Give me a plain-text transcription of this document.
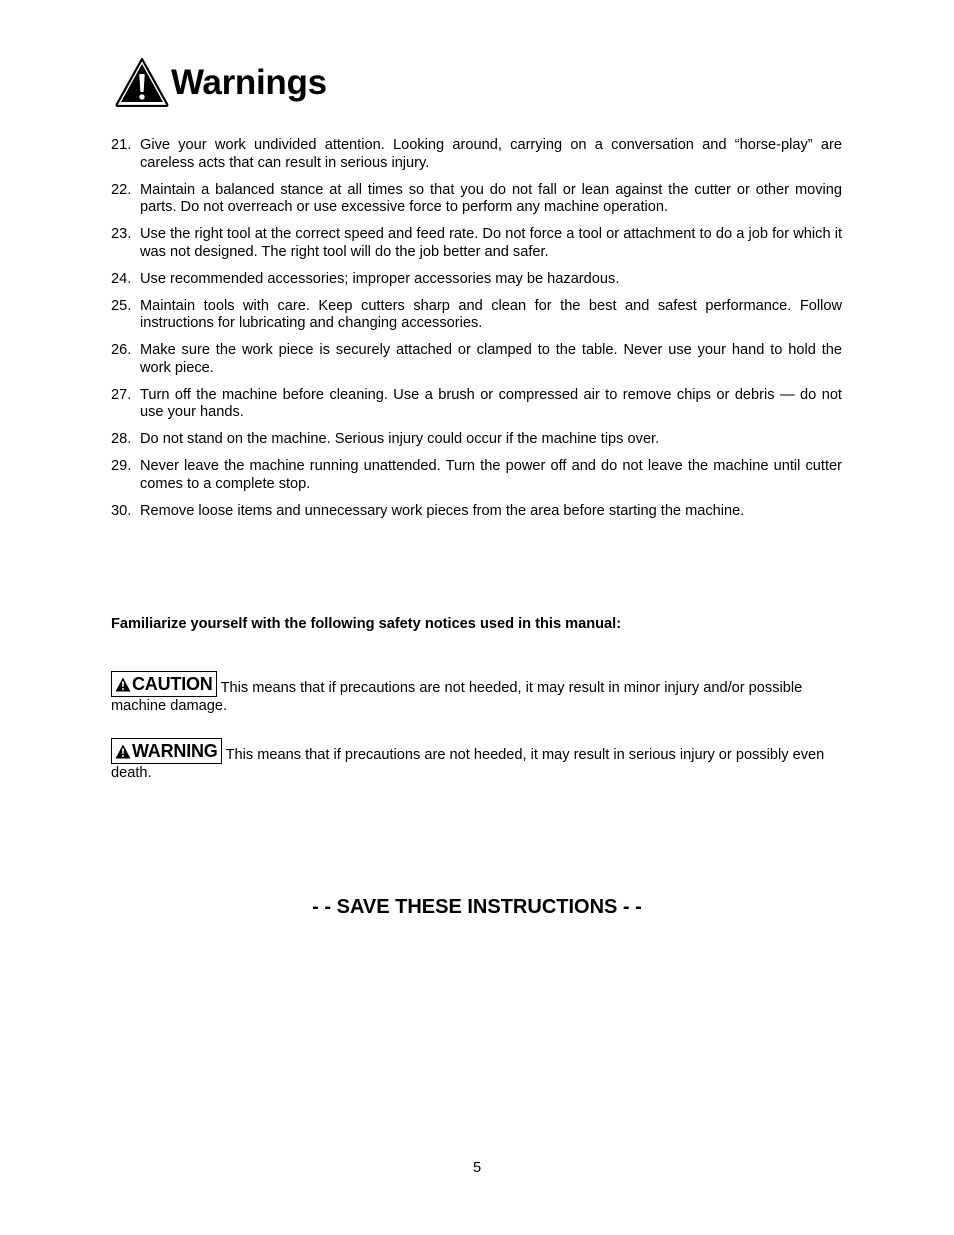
Warnings
21. Give your work undivided attention. Looking around, carrying on a conversation and “horse-play” are careless acts that can result in serious injury.
22. Maintain a balanced stance at all times so that you do not fall or lean against the cutter or other moving parts. Do not overreach or use excessive force to perform any machine operation.
23. Use the right tool at the correct speed and feed rate. Do not force a tool or attachment to do a job for which it was not designed. The right tool will do the job better and safer.
24. Use recommended accessories; improper accessories may be hazardous.
25. Maintain tools with care. Keep cutters sharp and clean for the best and safest performance. Follow instructions for lubricating and changing accessories.
26. Make sure the work piece is securely attached or clamped to the table. Never use your hand to hold the work piece.
27. Turn off the machine before cleaning. Use a brush or compressed air to remove chips or debris — do not use your hands.
28. Do not stand on the machine. Serious injury could occur if the machine tips over.
29. Never leave the machine running unattended. Turn the power off and do not leave the machine until cutter comes to a complete stop.
30. Remove loose items and unnecessary work pieces from the area before starting the machine.
Familiarize yourself with the following safety notices used in this manual:
CAUTION This means that if precautions are not heeded, it may result in minor injury and/or possible machine damage.
WARNING This means that if precautions are not heeded, it may result in serious injury or possibly even death.
- - SAVE THESE INSTRUCTIONS - -
5
